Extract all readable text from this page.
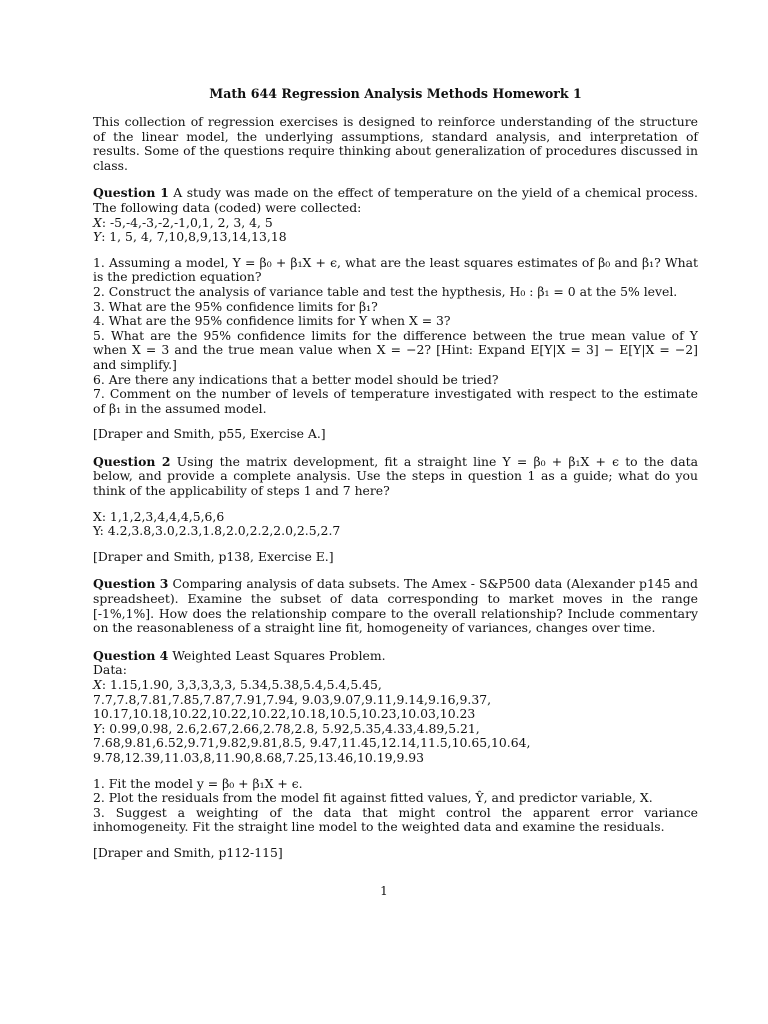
Math 644 Regression Analysis Methods Homework 1

This collection of regression exercises is designed to reinforce understanding of the structure of the linear model, the underlying assumptions, standard analysis, and interpretation of results. Some of the questions require thinking about generalization of procedures discussed in class.

Question 1 A study was made on the effect of temperature on the yield of a chemical process. The following data (coded) were collected:

X: -5,-4,-3,-2,-1,0,1, 2, 3, 4, 5
Y: 1, 5, 4, 7,10,8,9,13,14,13,18

1. Assuming a model, Y = β₀ + β₁X + ϵ, what are the least squares estimates of β₀ and β₁? What is the prediction equation?

2. Construct the analysis of variance table and test the hypthesis, H₀ : β₁ = 0 at the 5% level.

3. What are the 95% confidence limits for β₁?

4. What are the 95% confidence limits for Y when X = 3?

5. What are the 95% confidence limits for the difference between the true mean value of Y when X = 3 and the true mean value when X = −2? [Hint: Expand E[Y|X = 3] − E[Y|X = −2] and simplify.]

6. Are there any indications that a better model should be tried?

7. Comment on the number of levels of temperature investigated with respect to the estimate of β₁ in the assumed model.

[Draper and Smith, p55, Exercise A.]

Question 2 Using the matrix development, fit a straight line Y = β₀ + β₁X + ϵ to the data below, and provide a complete analysis. Use the steps in question 1 as a guide; what do you think of the applicability of steps 1 and 7 here?

X: 1,1,2,3,4,4,4,5,6,6
Y: 4.2,3.8,3.0,2.3,1.8,2.0,2.2,2.0,2.5,2.7

[Draper and Smith, p138, Exercise E.]

Question 3 Comparing analysis of data subsets. The Amex - S&P500 data (Alexander p145 and spreadsheet). Examine the subset of data corresponding to market moves in the range [-1%,1%]. How does the relationship compare to the overall relationship? Include commentary on the reasonableness of a straight line fit, homogeneity of variances, changes over time.

Question 4 Weighted Least Squares Problem.

Data:
X: 1.15,1.90, 3,3,3,3,3, 5.34,5.38,5.4,5.4,5.45,
7.7,7.8,7.81,7.85,7.87,7.91,7.94, 9.03,9.07,9.11,9.14,9.16,9.37,
10.17,10.18,10.22,10.22,10.22,10.18,10.5,10.23,10.03,10.23
Y: 0.99,0.98, 2.6,2.67,2.66,2.78,2.8, 5.92,5.35,4.33,4.89,5.21,
7.68,9.81,6.52,9.71,9.82,9.81,8.5, 9.47,11.45,12.14,11.5,10.65,10.64,
9.78,12.39,11.03,8,11.90,8.68,7.25,13.46,10.19,9.93

1. Fit the model y = β₀ + β₁X + ϵ.

2. Plot the residuals from the model fit against fitted values, Ŷ, and predictor variable, X.

3. Suggest a weighting of the data that might control the apparent error variance inhomogeneity. Fit the straight line model to the weighted data and examine the residuals.

[Draper and Smith, p112-115]

1
